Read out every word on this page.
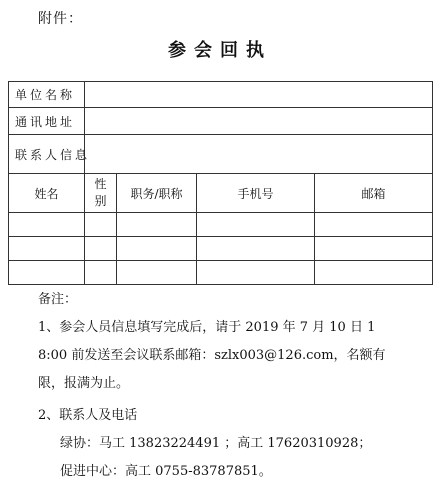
附件：
参会回执
单位名称				
通讯地址				
联系人信息				
姓名	性别	职务/职称	手机号	邮箱

备注：

1、参会人员信息填写完成后，请于 2019 年 7 月 10 日 18:00 前发送至会议联系邮箱：szlx003@126.com，名额有限，报满为止。

2、联系人及电话

绿协：马工 13823224491 ；高工 17620310928；

促进中心：高工 0755-83787851。
